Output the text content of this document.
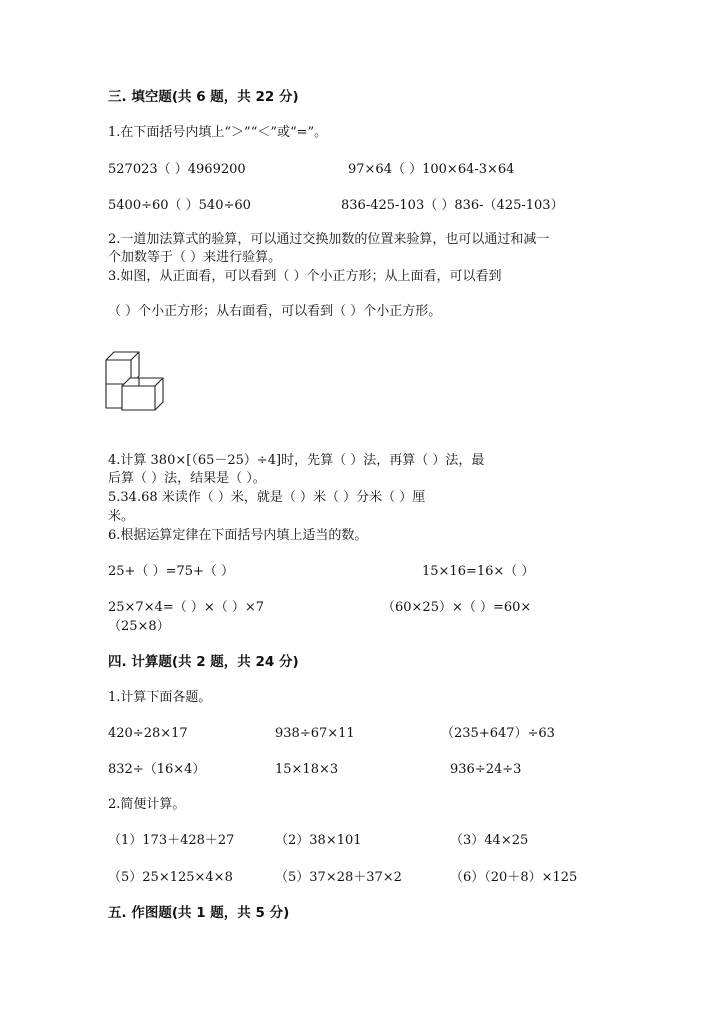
三. 填空题(共 6 题，共 22 分)
1.在下面括号内填上“＞”“＜”或“=”。
527023（ ）4969200	97×64（ ）100×64-3×64
5400÷60（ ）540÷60	836-425-103（ ）836-（425-103）
2.一道加法算式的验算，可以通过交换加数的位置来验算，也可以通过和减一
个加数等于（ ）来进行验算。
3.如图，从正面看，可以看到（ ）个小正方形；从上面看，可以看到
（ ）个小正方形；从右面看，可以看到（ ）个小正方形。
4.计算 380×[（65－25）÷4]时，先算（ ）法，再算（ ）法，最
后算（ ）法，结果是（ ）。
5.34.68 米读作（ ）米，就是（ ）米（ ）分米（ ）厘
米。
6.根据运算定律在下面括号内填上适当的数。
25+（ ）=75+（ ）	15×16=16×（ ）
25×7×4=（ ）×（ ）×7	（60×25）×（ ）=60×
（25×8）
四. 计算题(共 2 题，共 24 分)
1.计算下面各题。
420÷28×17	938÷67×11	（235+647）÷63
832÷（16×4）	15×18×3	936÷24÷3
2.简便计算。
（1）173＋428＋27	（2）38×101	（3）44×25
（5）25×125×4×8	（5）37×28＋37×2	（6）（20＋8）×125
五. 作图题(共 1 题，共 5 分)
